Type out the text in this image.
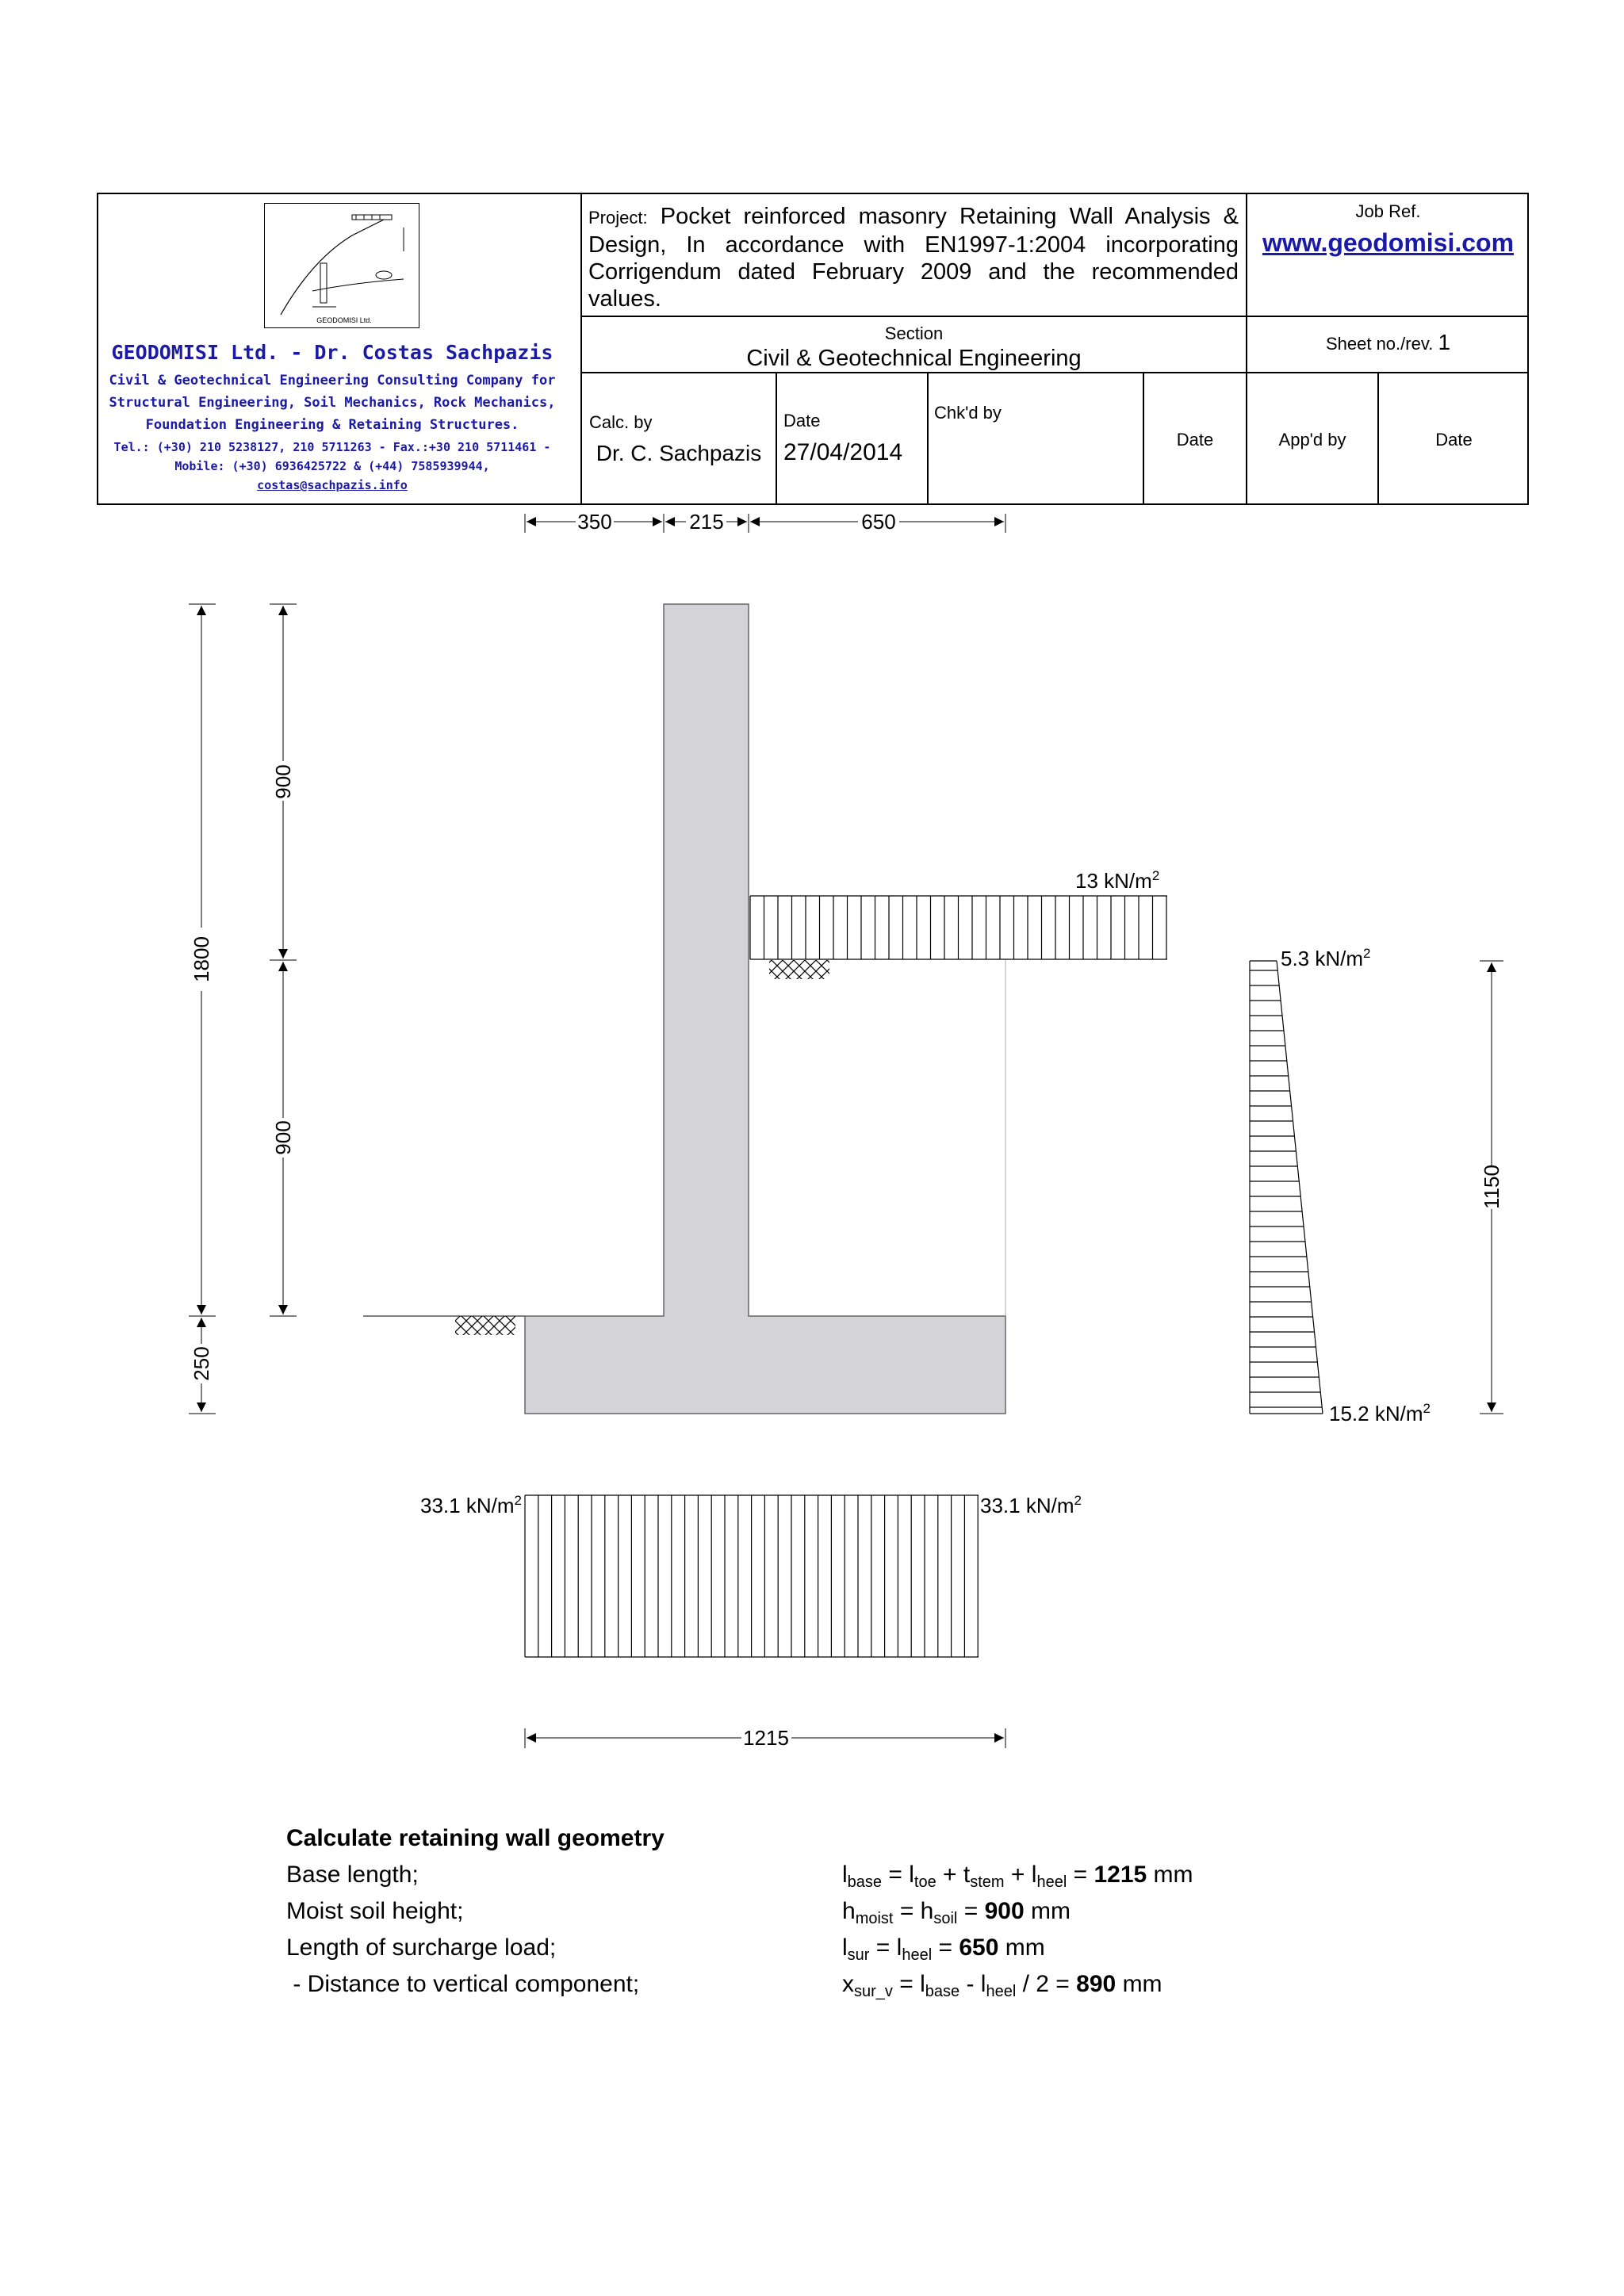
GEODOMISI Ltd.
GEODOMISI Ltd. - Dr. Costas Sachpazis
Civil & Geotechnical Engineering Consulting Company for
Structural Engineering, Soil Mechanics, Rock Mechanics,
Foundation Engineering & Retaining Structures.
Tel.: (+30) 210 5238127, 210 5711263 - Fax.:+30 210 5711461 -
Mobile: (+30) 6936425722 & (+44) 7585939944,
costas@sachpazis.info
Project: Pocket reinforced masonry Retaining Wall Analysis & Design, In accordance with EN1997-1:2004 incorporating Corrigendum dated February 2009 and the recommended values.
Job Ref.
www.geodomisi.com
Section
Civil & Geotechnical Engineering
Sheet no./rev. 1
Calc. by
Dr. C. Sachpazis
Date
27/04/2014
Chk'd by
Date	App'd by	Date
350	215	650
1800
250
900
900
1150
1215
13 $kN/m^2$
5.3 $kN/m^2$
15.2 $kN/m^2$
33.1 $kN/m^2$	33.1 $kN/m^2$
Calculate retaining wall geometry
Base length;	$l_{base} = l_{toe} + t_{stem} + l_{heel} = 1215$ mm
Moist soil height;	$h_{moist} = h_{soil} = 900$ mm
Length of surcharge load;	$l_{sur} = l_{heel} = 650$ mm
- Distance to vertical component;	$x_{sur\_v} = l_{base} - l_{heel} / 2 = 890$ mm
